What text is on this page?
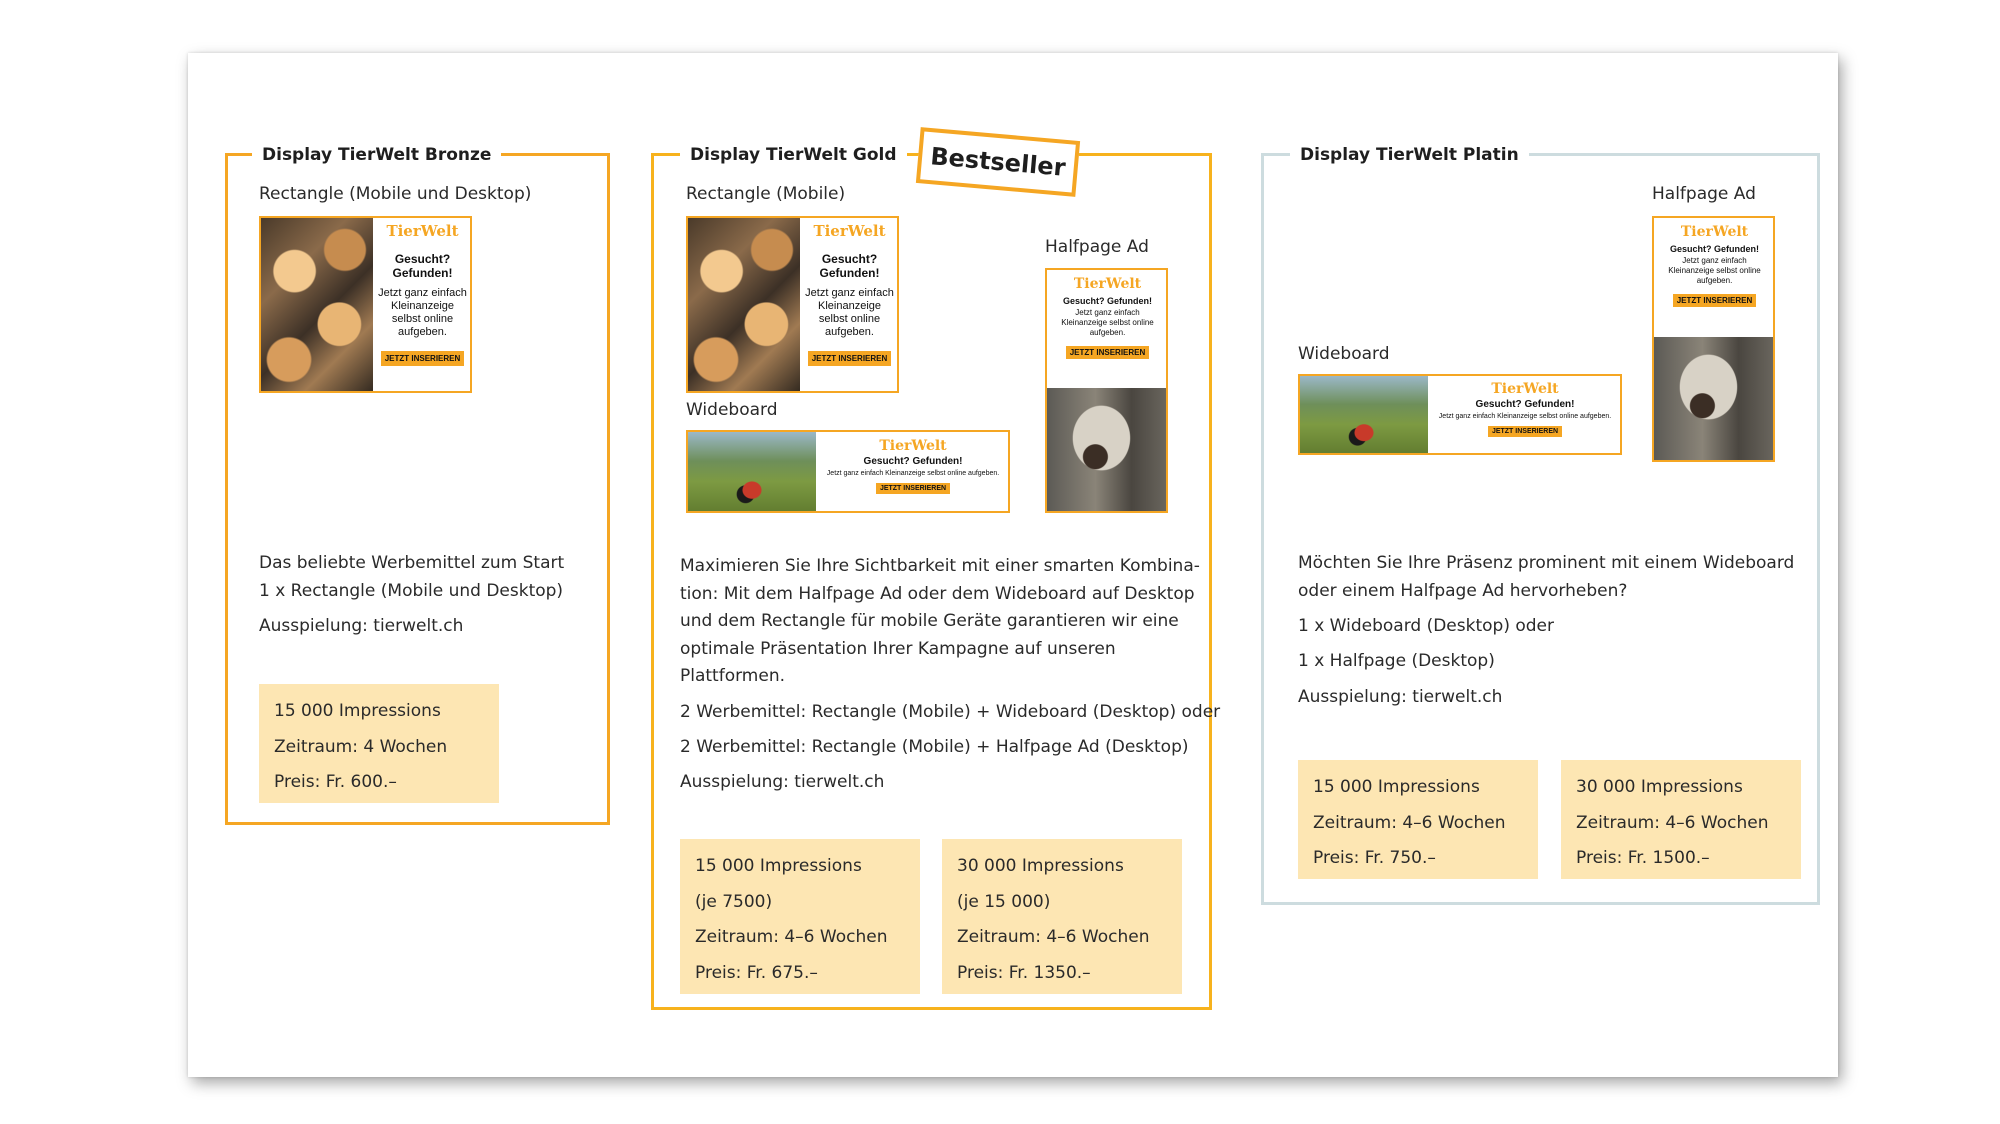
Display TierWelt Bronze
Rectangle (Mobile und Desktop)
TierWelt
Gesucht?
Gefunden!
Jetzt ganz einfach
Kleinanzeige
selbst online
aufgeben.
JETZT INSERIEREN
Das beliebte Werbemittel zum Start
1 x Rectangle (Mobile und Desktop)
Ausspielung: tierwelt.ch
15 000 Impressions
Zeitraum: 4 Wochen
Preis: Fr. 600.–
Display TierWelt Gold	Bestseller
Rectangle (Mobile)
TierWelt
Gesucht?
Gefunden!
Jetzt ganz einfach
Kleinanzeige
selbst online
aufgeben.
JETZT INSERIEREN
Wideboard
TierWelt
Gesucht? Gefunden!
Jetzt ganz einfach Kleinanzeige selbst online aufgeben.
JETZT INSERIEREN
Halfpage Ad
TierWelt
Gesucht? Gefunden!
Jetzt ganz einfach
Kleinanzeige selbst online
aufgeben.
JETZT INSERIEREN
Maximieren Sie Ihre Sichtbarkeit mit einer smarten Kombina-
tion: Mit dem Halfpage Ad oder dem Wideboard auf Desktop
und dem Rectangle für mobile Geräte garantieren wir eine
optimale Präsentation Ihrer Kampagne auf unseren
Plattformen.
2 Werbemittel: Rectangle (Mobile) + Wideboard (Desktop) oder
2 Werbemittel: Rectangle (Mobile) + Halfpage Ad (Desktop)
Ausspielung: tierwelt.ch
15 000 Impressions
(je 7500)
Zeitraum: 4–6 Wochen
Preis: Fr. 675.–
30 000 Impressions
(je 15 000)
Zeitraum: 4–6 Wochen
Preis: Fr. 1350.–
Display TierWelt Platin
Halfpage Ad
TierWelt
Gesucht? Gefunden!
Jetzt ganz einfach
Kleinanzeige selbst online
aufgeben.
JETZT INSERIEREN
Wideboard
TierWelt
Gesucht? Gefunden!
Jetzt ganz einfach Kleinanzeige selbst online aufgeben.
JETZT INSERIEREN
Möchten Sie Ihre Präsenz prominent mit einem Wideboard
oder einem Halfpage Ad hervorheben?
1 x Wideboard (Desktop) oder
1 x Halfpage (Desktop)
Ausspielung: tierwelt.ch
15 000 Impressions
Zeitraum: 4–6 Wochen
Preis: Fr. 750.–
30 000 Impressions
Zeitraum: 4–6 Wochen
Preis: Fr. 1500.–
